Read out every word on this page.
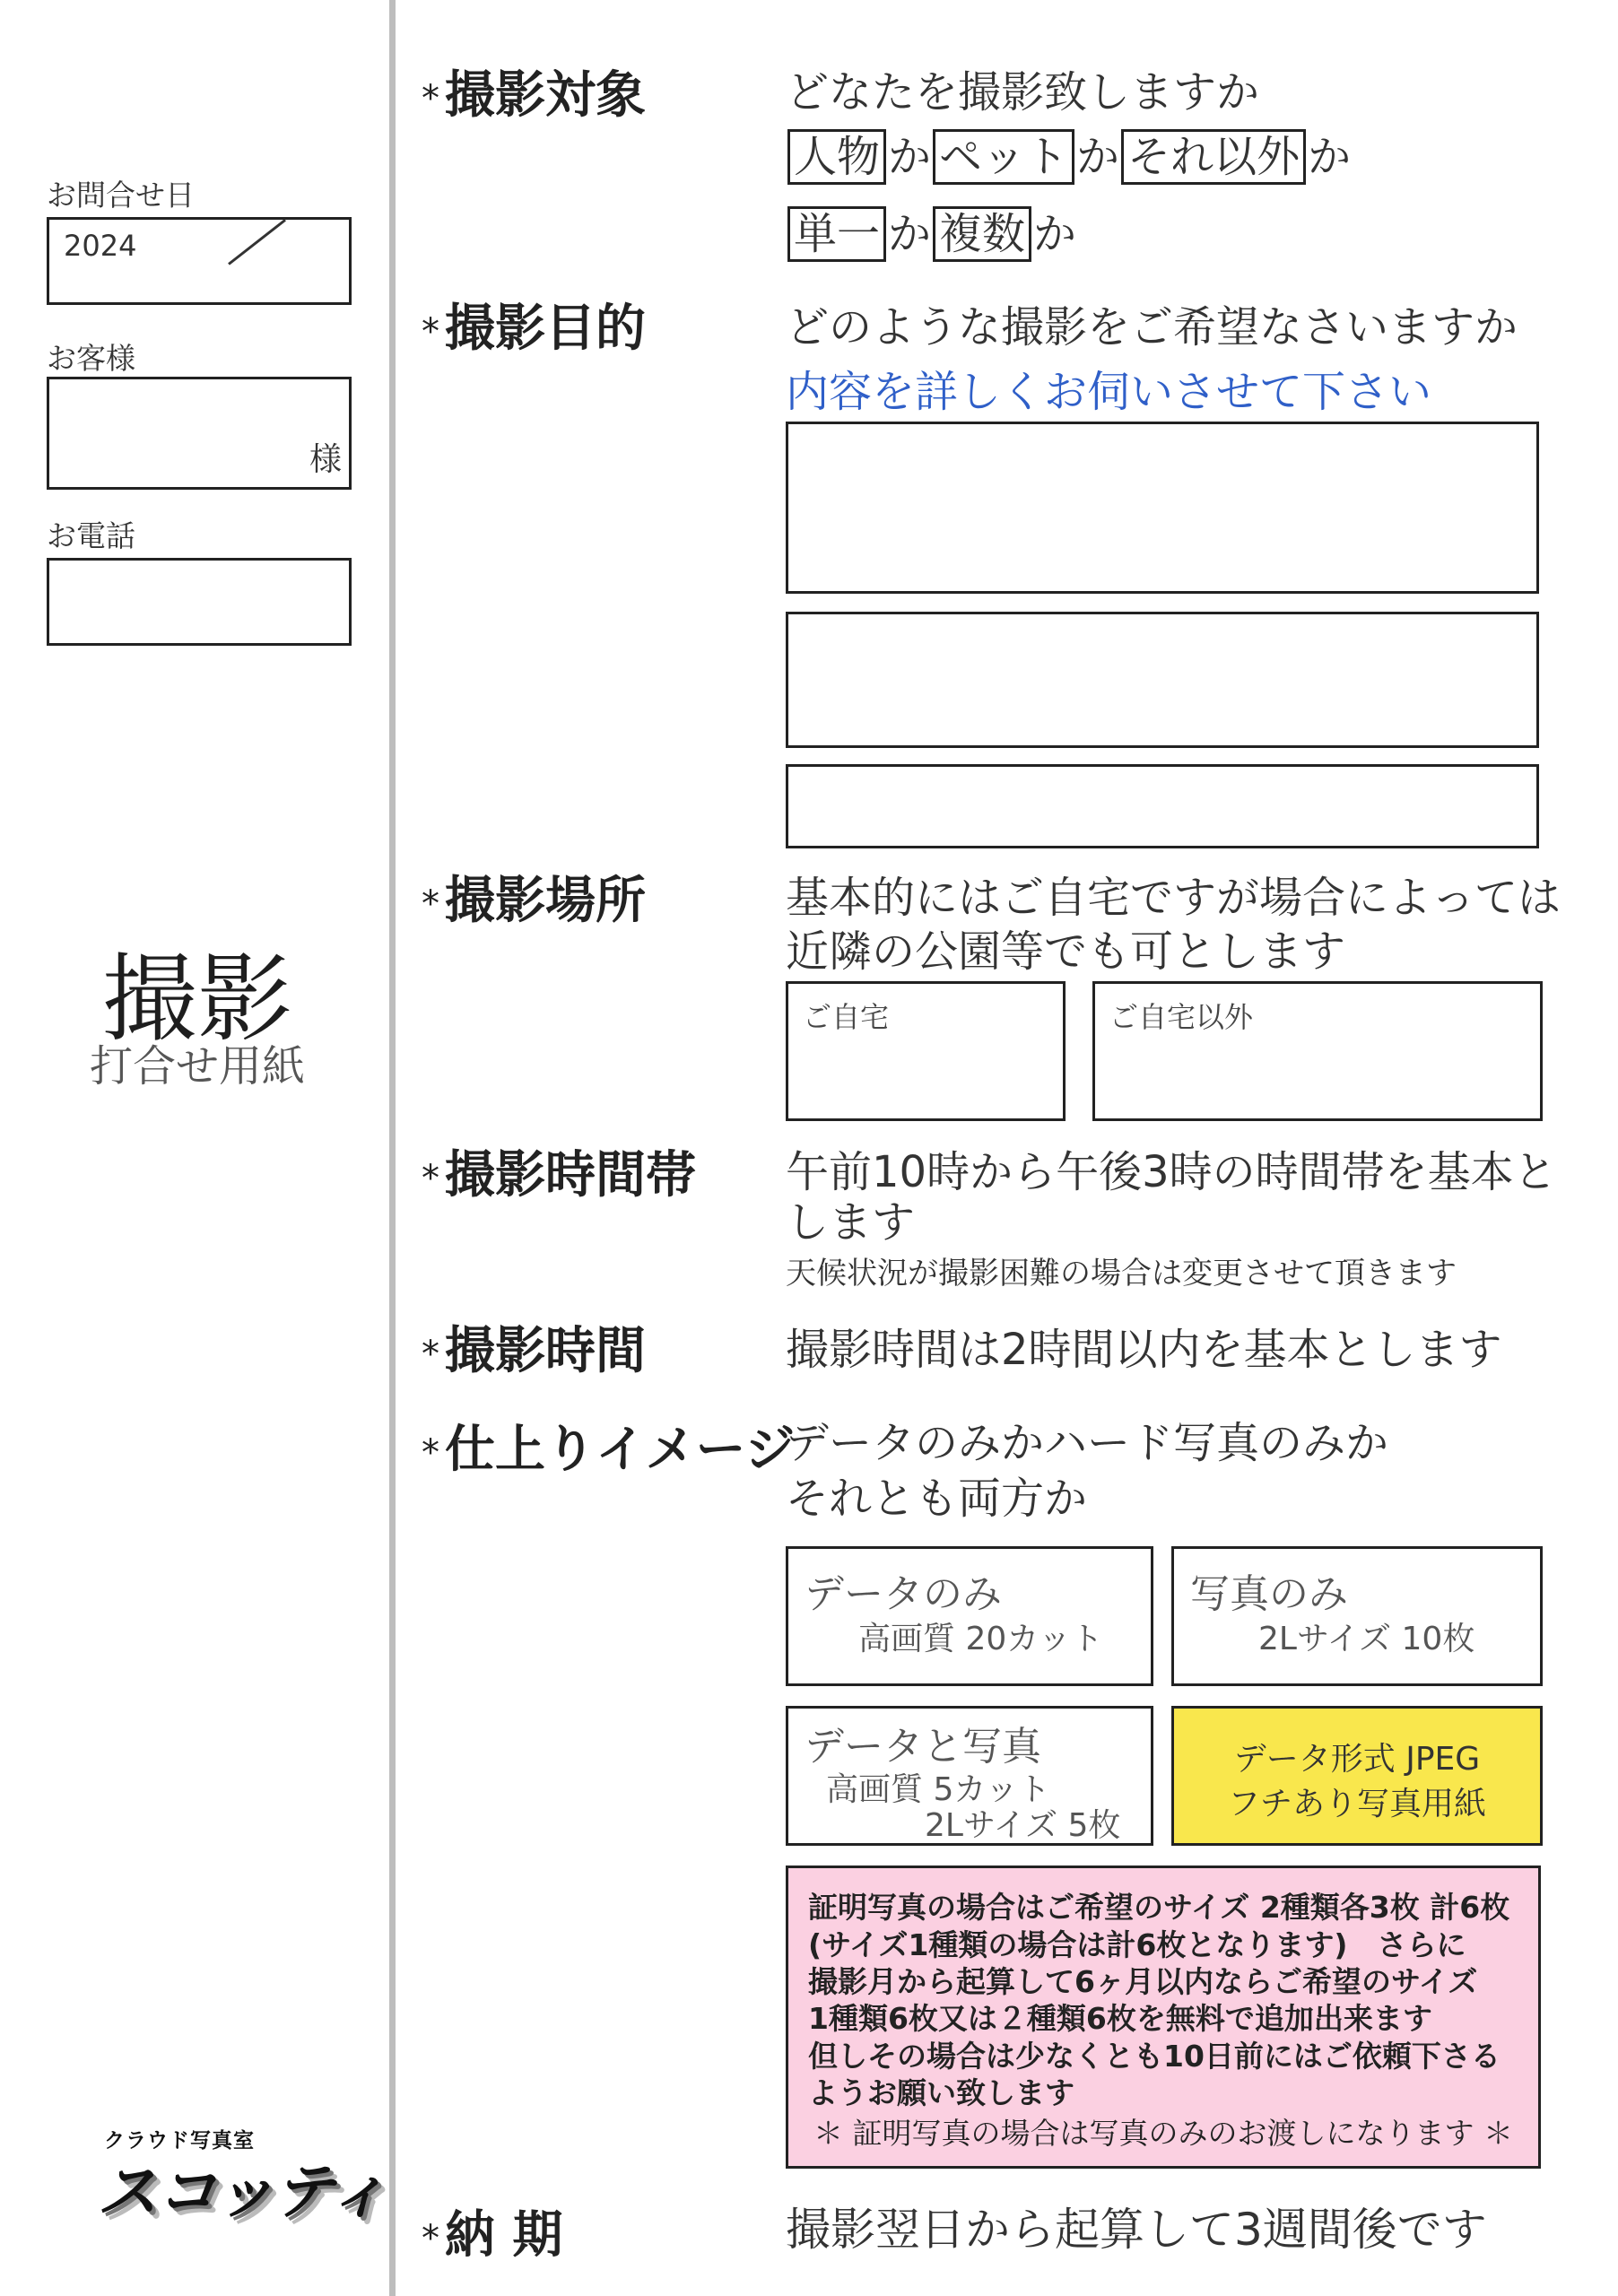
お問合せ日
2024
お客様
様
お電話
撮影
打合せ用紙
クラウド写真室
スコッティ
* 撮影対象	どなたを撮影致しますか
人物 か ペット か それ以外 か
単一 か 複数 か
* 撮影目的	どのような撮影をご希望なさいますか
内容を詳しくお伺いさせて下さい
* 撮影場所	基本的にはご自宅ですが場合によっては
近隣の公園等でも可とします
ご自宅	ご自宅以外
* 撮影時間帯 午前10時から午後3時の時間帯を基本と
します
天候状況が撮影困難の場合は変更させて頂きます
* 撮影時間	撮影時間は2時間以内を基本とします
* 仕上りイメージ
データのみかハード写真のみか
それとも両方か
データのみ
高画質 20カット
写真のみ
2Lサイズ 10枚
データと写真
高画質 5カット
2Lサイズ 5枚
データ形式 JPEG
フチあり写真用紙
証明写真の場合はご希望のサイズ 2種類各3枚 計6枚
(サイズ1種類の場合は計6枚となります)　さらに
撮影月から起算して6ヶ月以内ならご希望のサイズ
1種類6枚又は２種類6枚を無料で追加出来ます
但しその場合は少なくとも10日前にはご依頼下さる
ようお願い致します
＊ 証明写真の場合は写真のみのお渡しになります ＊
* 納 期	撮影翌日から起算して3週間後です
